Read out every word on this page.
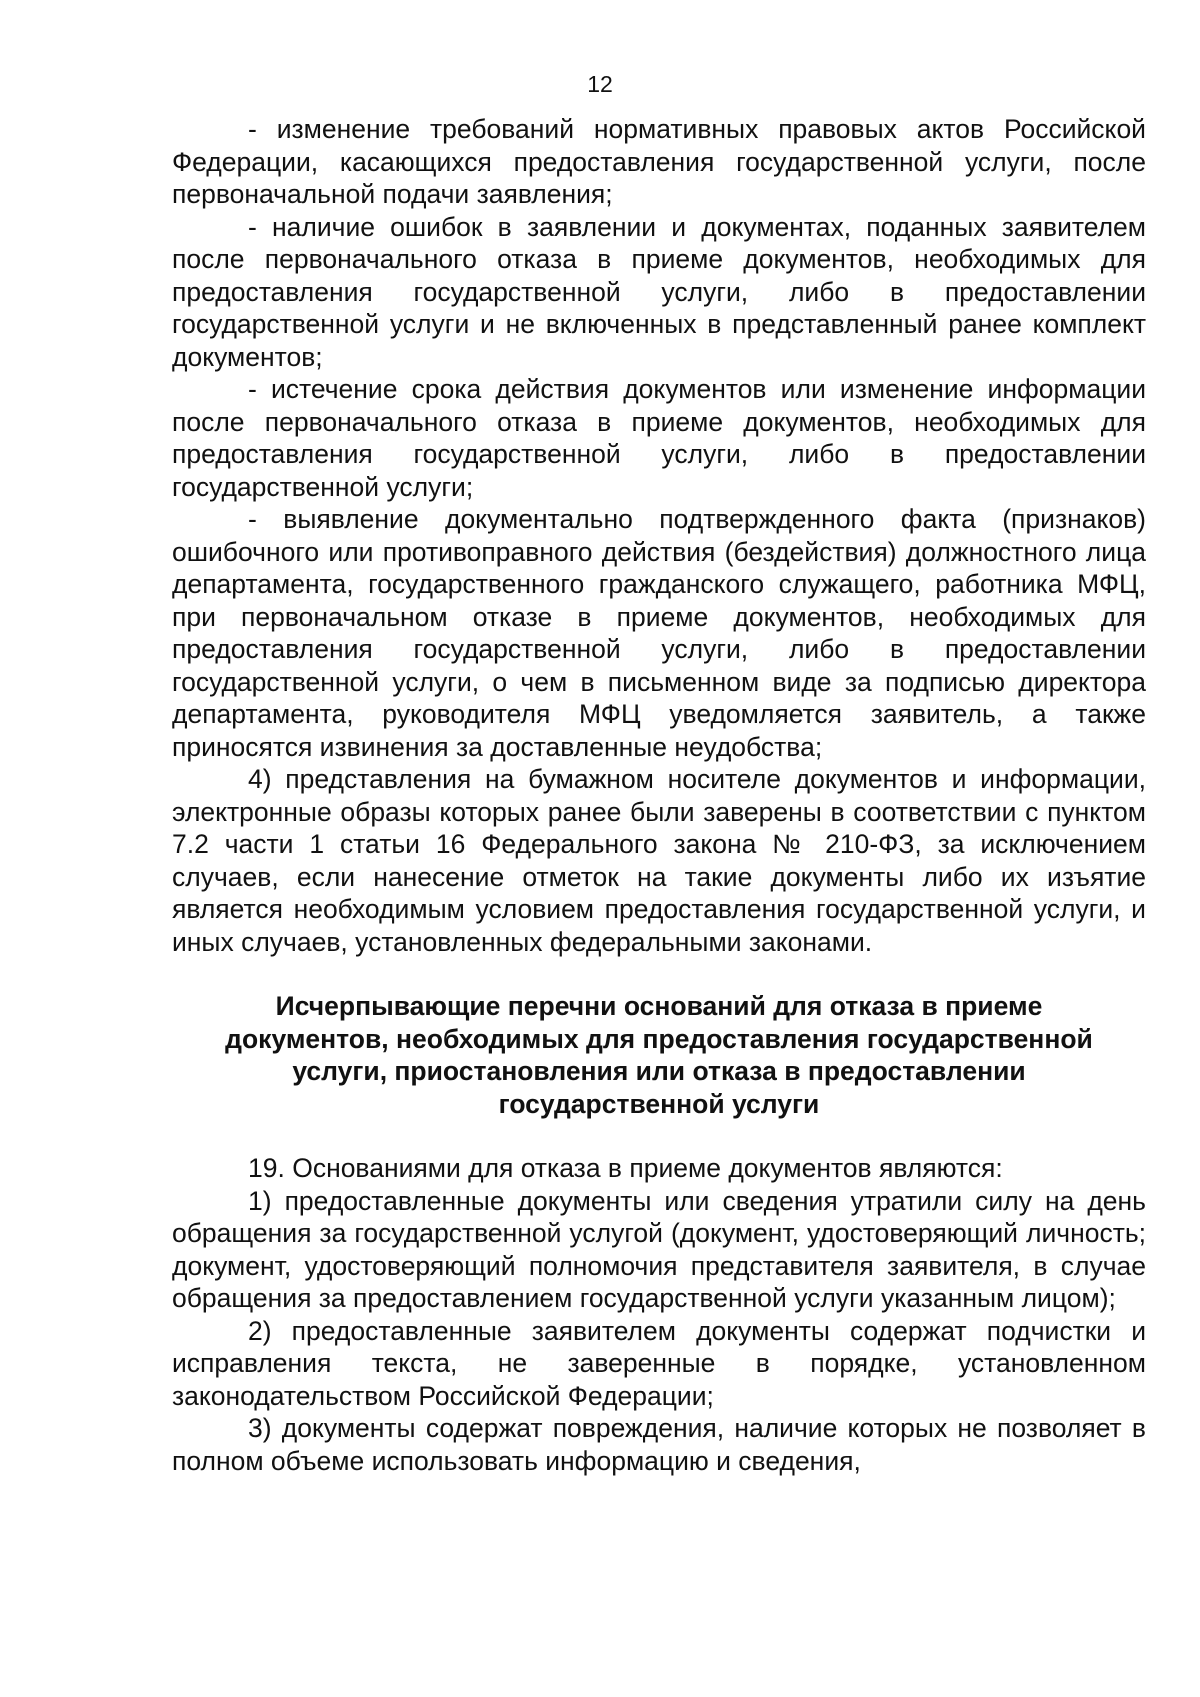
12

- изменение требований нормативных правовых актов Российской Федерации, касающихся предоставления государственной услуги, после первоначальной подачи заявления;

- наличие ошибок в заявлении и документах, поданных заявителем после первоначального отказа в приеме документов, необходимых для предоставления государственной услуги, либо в предоставлении государственной услуги и не включенных в представленный ранее комплект документов;

- истечение срока действия документов или изменение информации после первоначального отказа в приеме документов, необходимых для предоставления государственной услуги, либо в предоставлении государственной услуги;

- выявление документально подтвержденного факта (признаков) ошибочного или противоправного действия (бездействия) должностного лица департамента, государственного гражданского служащего, работника МФЦ, при первоначальном отказе в приеме документов, необходимых для предоставления государственной услуги, либо в предоставлении государственной услуги, о чем в письменном виде за подписью директора департамента, руководителя МФЦ уведомляется заявитель, а также приносятся извинения за доставленные неудобства;

4) представления на бумажном носителе документов и информации, электронные образы которых ранее были заверены в соответствии с пунктом 7.2 части 1 статьи 16 Федерального закона № 210-ФЗ, за исключением случаев, если нанесение отметок на такие документы либо их изъятие является необходимым условием предоставления государственной услуги, и иных случаев, установленных федеральными законами.

Исчерпывающие перечни оснований для отказа в приеме
документов, необходимых для предоставления государственной
услуги, приостановления или отказа в предоставлении
государственной услуги

19. Основаниями для отказа в приеме документов являются:

1) предоставленные документы или сведения утратили силу на день обращения за государственной услугой (документ, удостоверяющий личность; документ, удостоверяющий полномочия представителя заявителя, в случае обращения за предоставлением государственной услуги указанным лицом);

2) предоставленные заявителем документы содержат подчистки и исправления текста, не заверенные в порядке, установленном законодательством Российской Федерации;

3) документы содержат повреждения, наличие которых не позволяет в полном объеме использовать информацию и сведения,
